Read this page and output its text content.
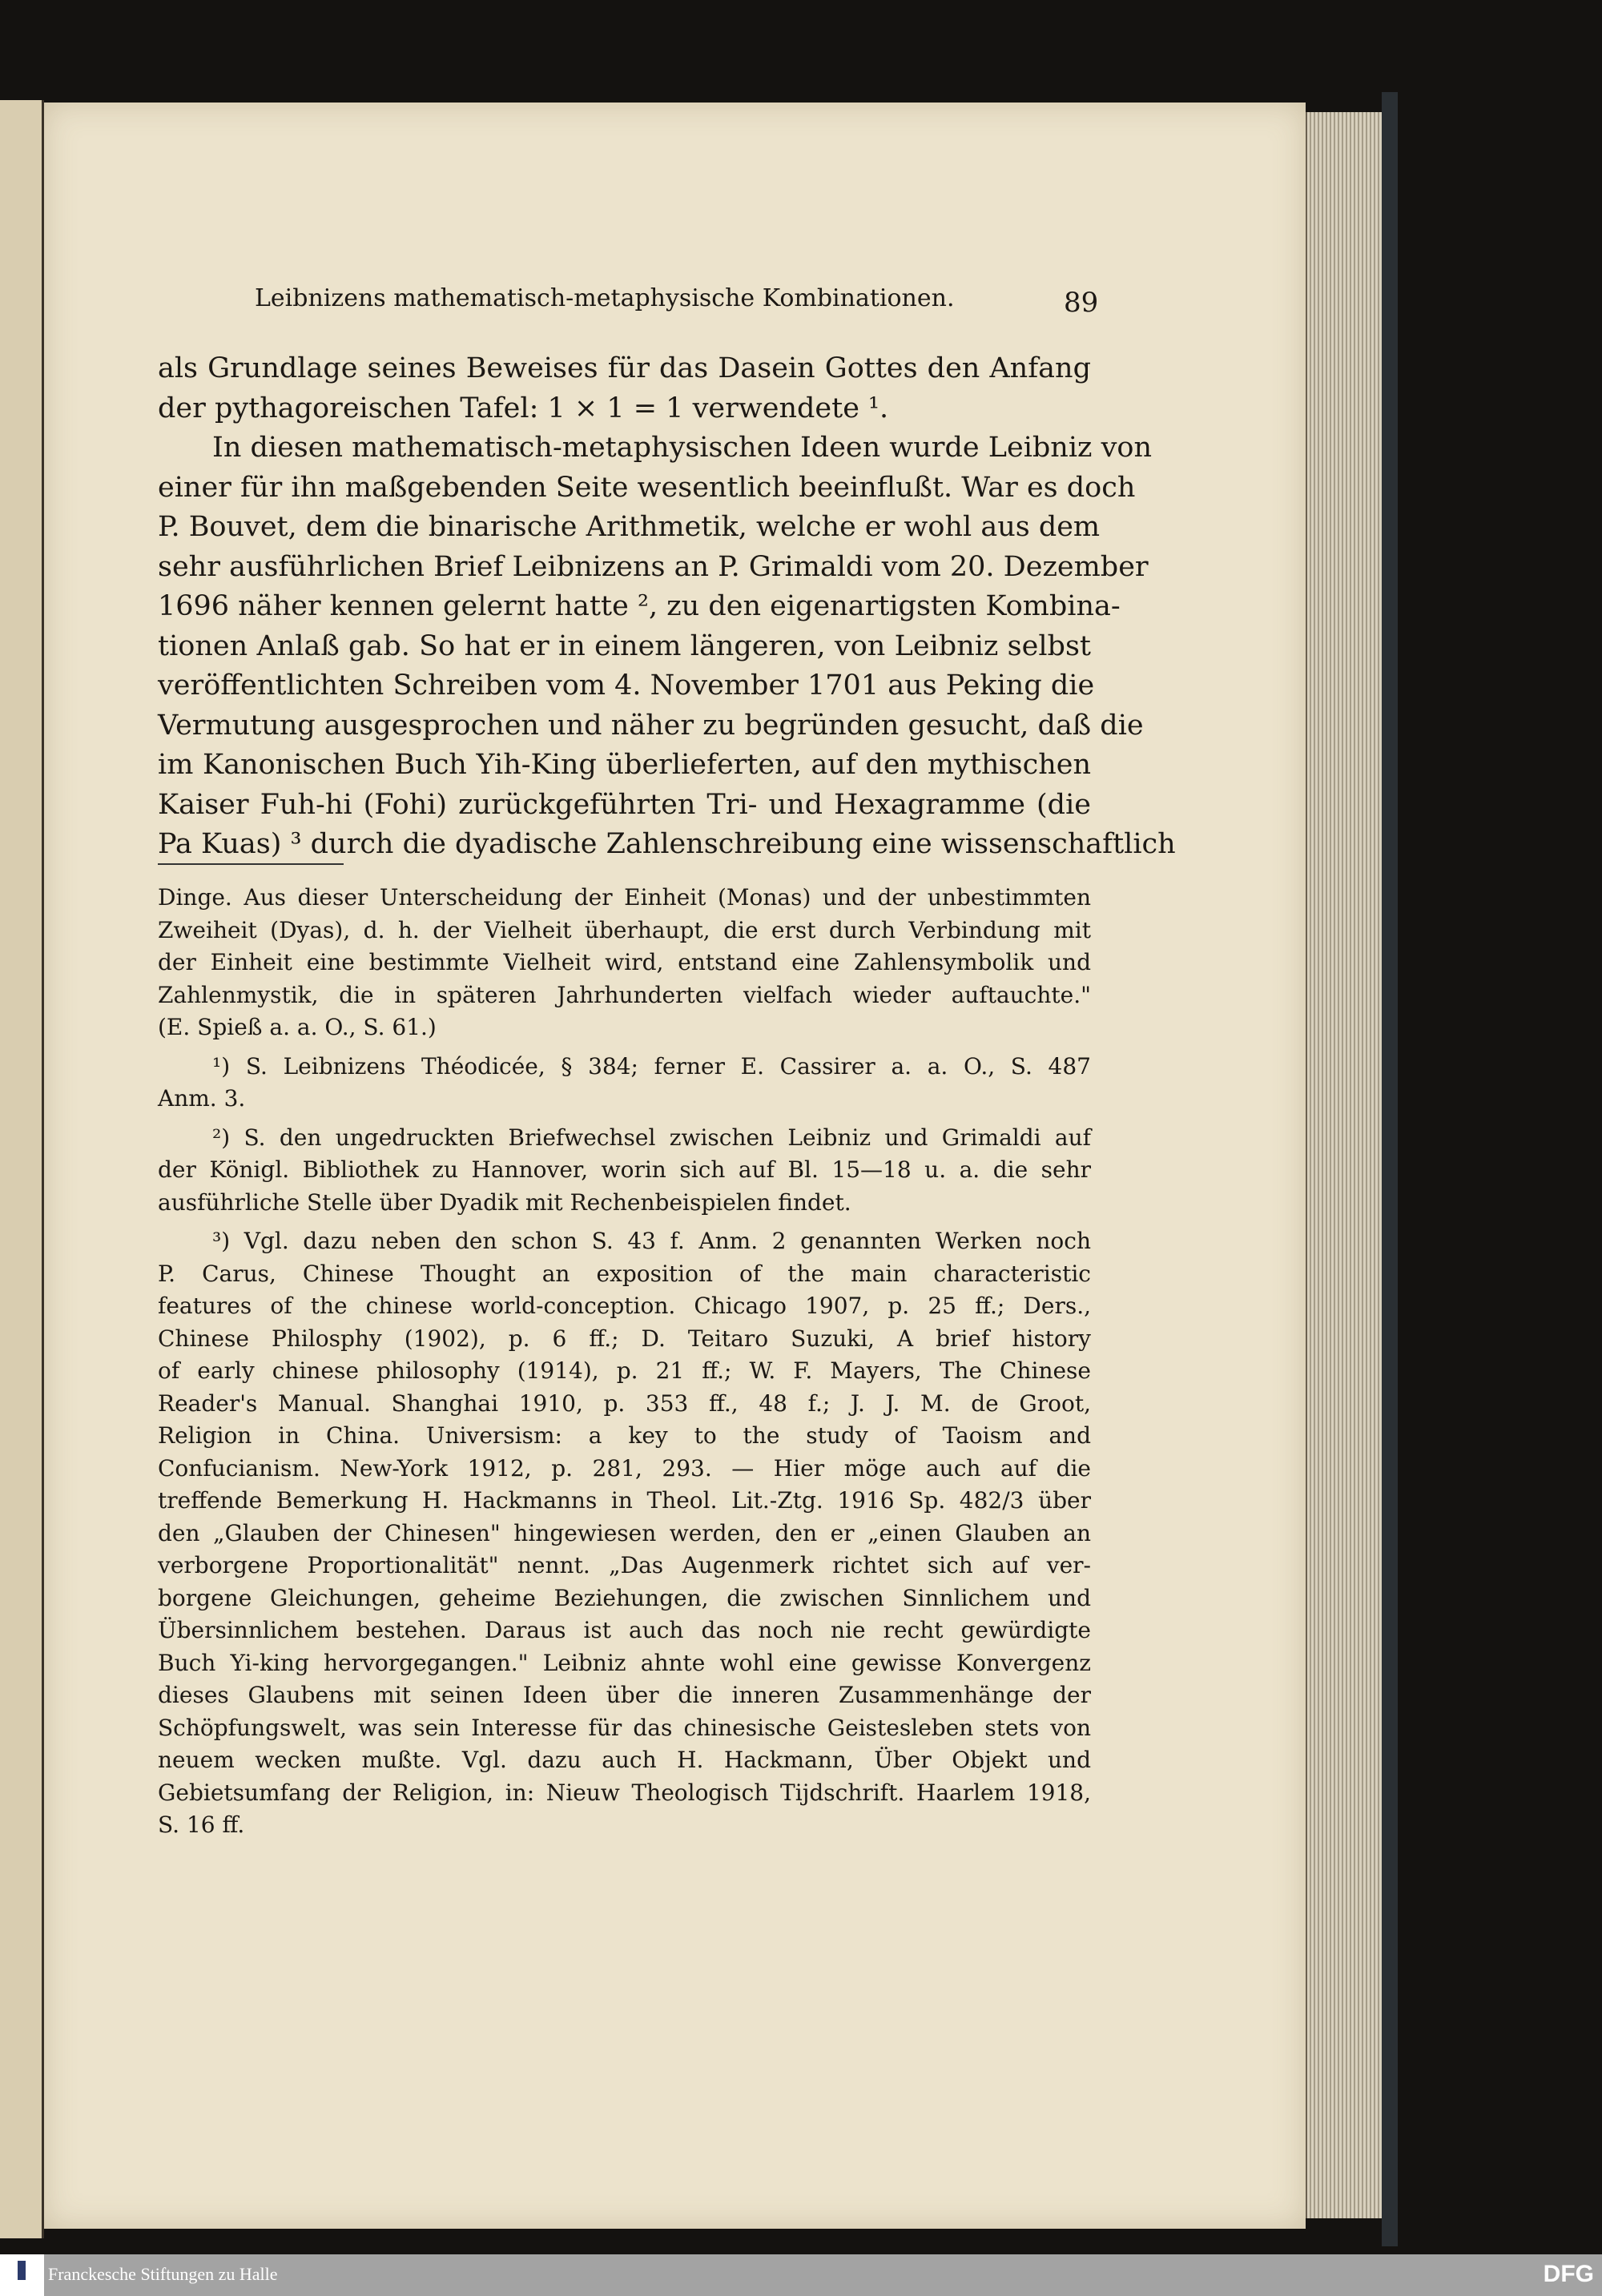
Leibnizens mathematisch-metaphysische Kombinationen.	89
als Grundlage seines Beweises für das Dasein Gottes den Anfang
der pythagoreischen Tafel: 1 × 1 = 1 verwendete ¹.
In diesen mathematisch-metaphysischen Ideen wurde Leibniz von
einer für ihn maßgebenden Seite wesentlich beeinflußt. War es doch
P. Bouvet, dem die binarische Arithmetik, welche er wohl aus dem
sehr ausführlichen Brief Leibnizens an P. Grimaldi vom 20. Dezember
1696 näher kennen gelernt hatte ², zu den eigenartigsten Kombina-
tionen Anlaß gab. So hat er in einem längeren, von Leibniz selbst
veröffentlichten Schreiben vom 4. November 1701 aus Peking die
Vermutung ausgesprochen und näher zu begründen gesucht, daß die
im Kanonischen Buch Yih-King überlieferten, auf den mythischen
Kaiser Fuh-hi (Fohi) zurückgeführten Tri- und Hexagramme (die
Pa Kuas) ³ durch die dyadische Zahlenschreibung eine wissenschaftlich
Dinge. Aus dieser Unterscheidung der Einheit (Monas) und der unbestimmten
Zweiheit (Dyas), d. h. der Vielheit überhaupt, die erst durch Verbindung mit
der Einheit eine bestimmte Vielheit wird, entstand eine Zahlensymbolik und
Zahlenmystik, die in späteren Jahrhunderten vielfach wieder auftauchte."
(E. Spieß a. a. O., S. 61.)
¹) S. Leibnizens Théodicée, § 384; ferner E. Cassirer a. a. O., S. 487
Anm. 3.
²) S. den ungedruckten Briefwechsel zwischen Leibniz und Grimaldi auf
der Königl. Bibliothek zu Hannover, worin sich auf Bl. 15—18 u. a. die sehr
ausführliche Stelle über Dyadik mit Rechenbeispielen findet.
³) Vgl. dazu neben den schon S. 43 f. Anm. 2 genannten Werken noch
P. Carus, Chinese Thought an exposition of the main characteristic
features of the chinese world-conception. Chicago 1907, p. 25 ff.; Ders.,
Chinese Philosphy (1902), p. 6 ff.; D. Teitaro Suzuki, A brief history
of early chinese philosophy (1914), p. 21 ff.; W. F. Mayers, The Chinese
Reader's Manual. Shanghai 1910, p. 353 ff., 48 f.; J. J. M. de Groot,
Religion in China. Universism: a key to the study of Taoism and
Confucianism. New-York 1912, p. 281, 293. — Hier möge auch auf die
treffende Bemerkung H. Hackmanns in Theol. Lit.-Ztg. 1916 Sp. 482/3 über
den „Glauben der Chinesen" hingewiesen werden, den er „einen Glauben an
verborgene Proportionalität" nennt. „Das Augenmerk richtet sich auf ver-
borgene Gleichungen, geheime Beziehungen, die zwischen Sinnlichem und
Übersinnlichem bestehen. Daraus ist auch das noch nie recht gewürdigte
Buch Yi-king hervorgegangen." Leibniz ahnte wohl eine gewisse Konvergenz
dieses Glaubens mit seinen Ideen über die inneren Zusammenhänge der
Schöpfungswelt, was sein Interesse für das chinesische Geistesleben stets von
neuem wecken mußte. Vgl. dazu auch H. Hackmann, Über Objekt und
Gebietsumfang der Religion, in: Nieuw Theologisch Tijdschrift. Haarlem 1918,
S. 16 ff.
Franckesche Stiftungen zu Halle	DFG
